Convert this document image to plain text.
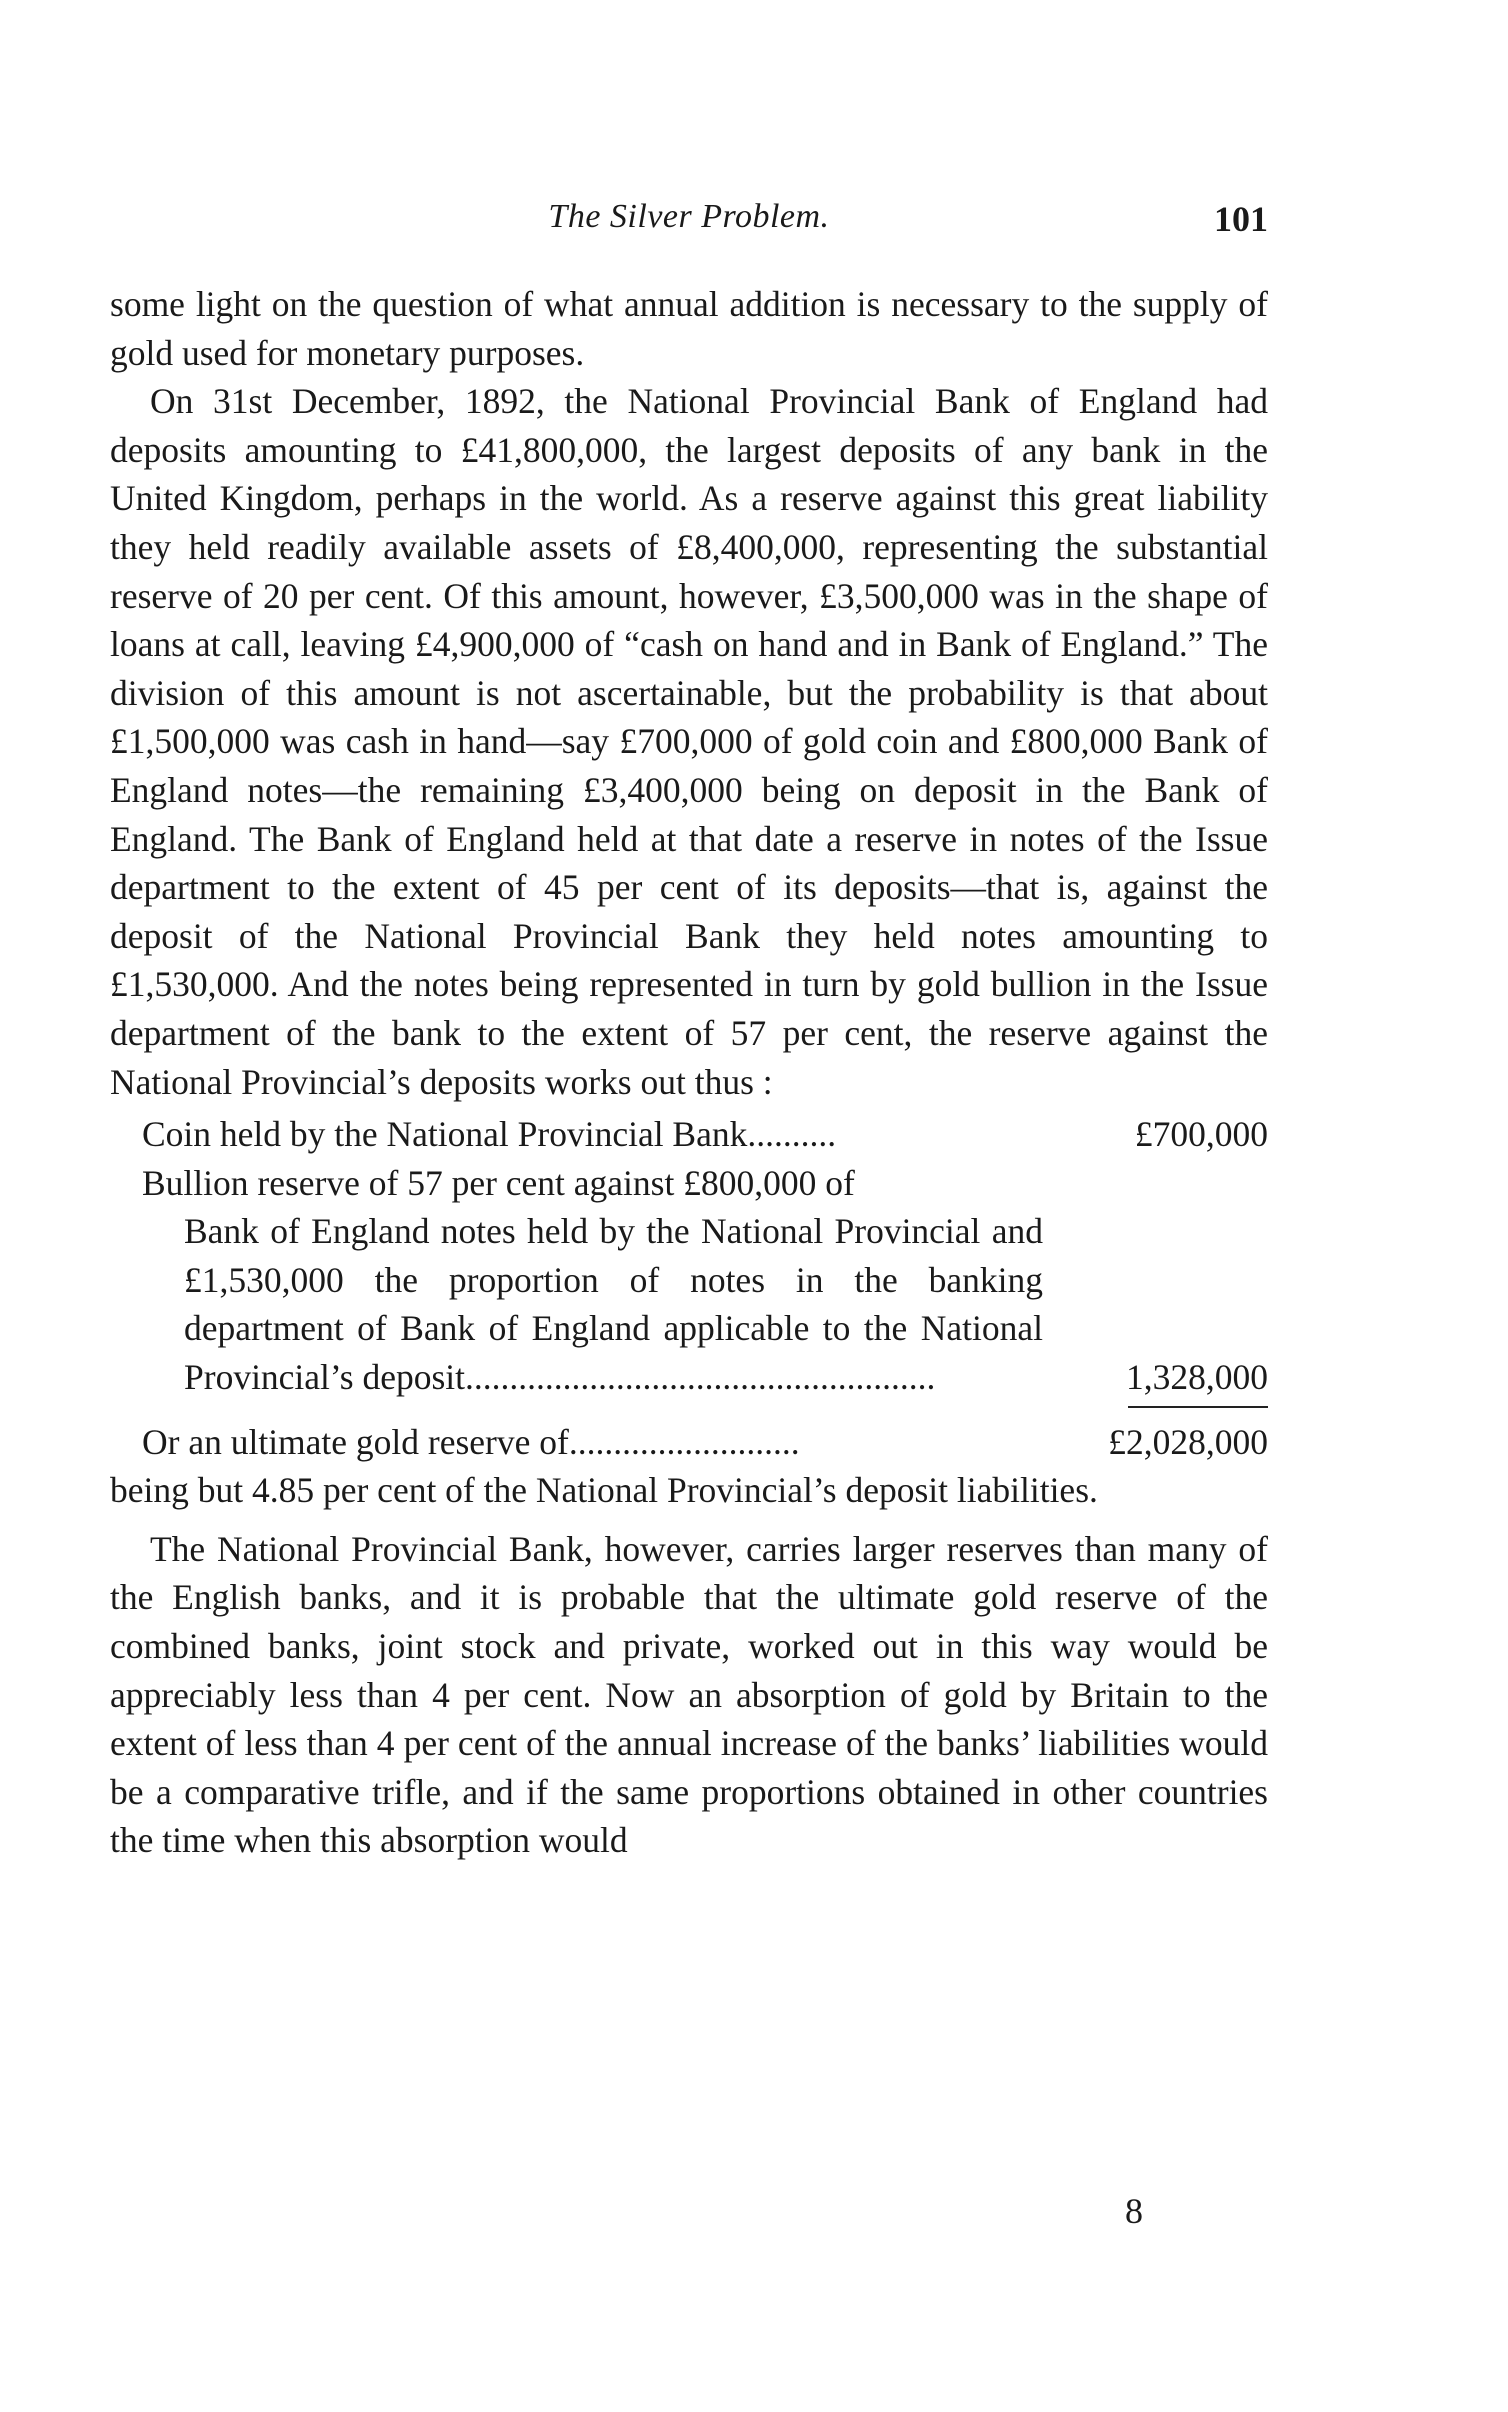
The Silver Problem.	101

some light on the question of what annual addition is necessary to the supply of gold used for monetary purposes.

On 31st December, 1892, the National Provincial Bank of England had deposits amounting to £41,800,000, the largest deposits of any bank in the United Kingdom, perhaps in the world. As a reserve against this great liability they held readily available assets of £8,400,000, representing the substantial reserve of 20 per cent. Of this amount, however, £3,500,000 was in the shape of loans at call, leaving £4,900,000 of “cash on hand and in Bank of England.” The division of this amount is not ascertainable, but the probability is that about £1,500,000 was cash in hand—say £700,000 of gold coin and £800,000 Bank of England notes—the remaining £3,400,000 being on deposit in the Bank of England. The Bank of England held at that date a reserve in notes of the Issue department to the extent of 45 per cent of its deposits—that is, against the deposit of the National Provincial Bank they held notes amounting to £1,530,000. And the notes being represented in turn by gold bullion in the Issue department of the bank to the extent of 57 per cent, the reserve against the National Provincial’s deposits works out thus :

Coin held by the National Provincial Bank..........	£700,000
Bullion reserve of 57 per cent against £800,000 of
Bank of England notes held by the National Provincial and £1,530,000 the proportion of notes in the banking department of Bank of England applicable to the National Provincial’s deposit.....................................................	1,328,000
Or an ultimate gold reserve of..........................	£2,028,000

being but 4.85 per cent of the National Provincial’s deposit liabilities.

The National Provincial Bank, however, carries larger reserves than many of the English banks, and it is probable that the ultimate gold reserve of the combined banks, joint stock and private, worked out in this way would be appreciably less than 4 per cent. Now an absorption of gold by Britain to the extent of less than 4 per cent of the annual increase of the banks’ liabilities would be a comparative trifle, and if the same proportions obtained in other countries the time when this absorption would

8
